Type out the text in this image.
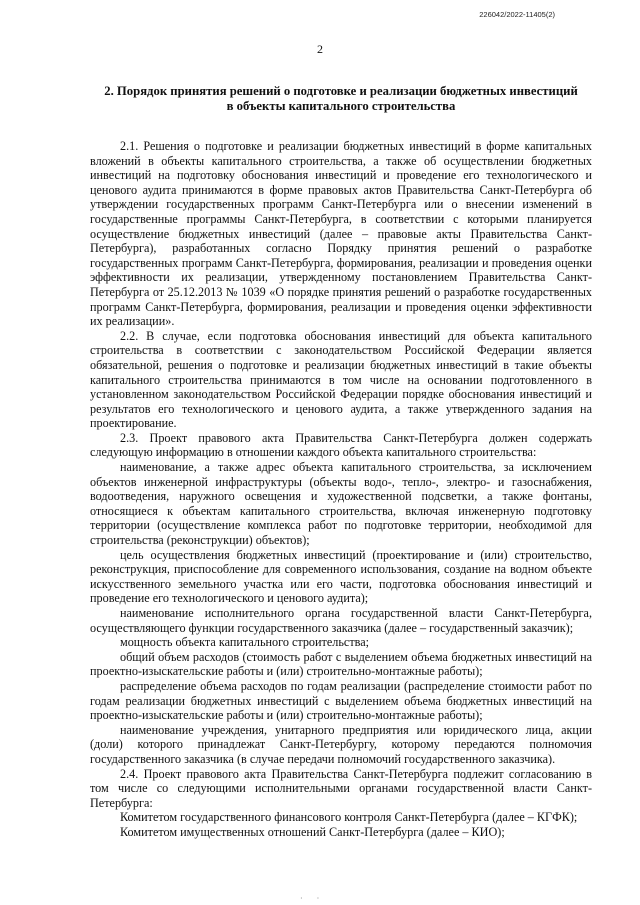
226042/2022-11405(2)
2
2. Порядок принятия решений о подготовке и реализации бюджетных инвестиций
в объекты капитального строительства

2.1. Решения о подготовке и реализации бюджетных инвестиций в форме капитальных вложений в объекты капитального строительства, а также об осуществлении бюджетных инвестиций на подготовку обоснования инвестиций и проведение его технологического и ценового аудита принимаются в форме правовых актов Правительства Санкт-Петербурга об утверждении государственных программ Санкт-Петербурга или о внесении изменений в государственные программы Санкт-Петербурга, в соответствии с которыми планируется осуществление бюджетных инвестиций (далее – правовые акты Правительства Санкт-Петербурга), разработанных согласно Порядку принятия решений о разработке государственных программ Санкт-Петербурга, формирования, реализации и проведения оценки эффективности их реализации, утвержденному постановлением Правительства Санкт-Петербурга от 25.12.2013 № 1039 «О порядке принятия решений о разработке государственных программ Санкт-Петербурга, формирования, реализации и проведения оценки эффективности их реализации».

2.2. В случае, если подготовка обоснования инвестиций для объекта капитального строительства в соответствии с законодательством Российской Федерации является обязательной, решения о подготовке и реализации бюджетных инвестиций в такие объекты капитального строительства принимаются в том числе на основании подготовленного в установленном законодательством Российской Федерации порядке обоснования инвестиций и результатов его технологического и ценового аудита, а также утвержденного задания на проектирование.

2.3. Проект правового акта Правительства Санкт-Петербурга должен содержать следующую информацию в отношении каждого объекта капитального строительства:

наименование, а также адрес объекта капитального строительства, за исключением объектов инженерной инфраструктуры (объекты водо-, тепло-, электро- и газоснабжения, водоотведения, наружного освещения и художественной подсветки, а также фонтаны, относящиеся к объектам капитального строительства, включая инженерную подготовку территории (осуществление комплекса работ по подготовке территории, необходимой для строительства (реконструкции) объектов);

цель осуществления бюджетных инвестиций (проектирование и (или) строительство, реконструкция, приспособление для современного использования, создание на водном объекте искусственного земельного участка или его части, подготовка обоснования инвестиций и проведение его технологического и ценового аудита);

наименование исполнительного органа государственной власти Санкт-Петербурга, осуществляющего функции государственного заказчика (далее – государственный заказчик);

мощность объекта капитального строительства;

общий объем расходов (стоимость работ с выделением объема бюджетных инвестиций на проектно-изыскательские работы и (или) строительно-монтажные работы);

распределение объема расходов по годам реализации (распределение стоимости работ по годам реализации бюджетных инвестиций с выделением объема бюджетных инвестиций на проектно-изыскательские работы и (или) строительно-монтажные работы);

наименование учреждения, унитарного предприятия или юридического лица, акции (доли) которого принадлежат Санкт-Петербургу, которому передаются полномочия государственного заказчика (в случае передачи полномочий государственного заказчика).

2.4. Проект правового акта Правительства Санкт-Петербурга подлежит согласованию в том числе со следующими исполнительными органами государственной власти Санкт-Петербурга:

Комитетом государственного финансового контроля Санкт-Петербурга (далее – КГФК);

Комитетом имущественных отношений Санкт-Петербурга (далее – КИО);

· ·
